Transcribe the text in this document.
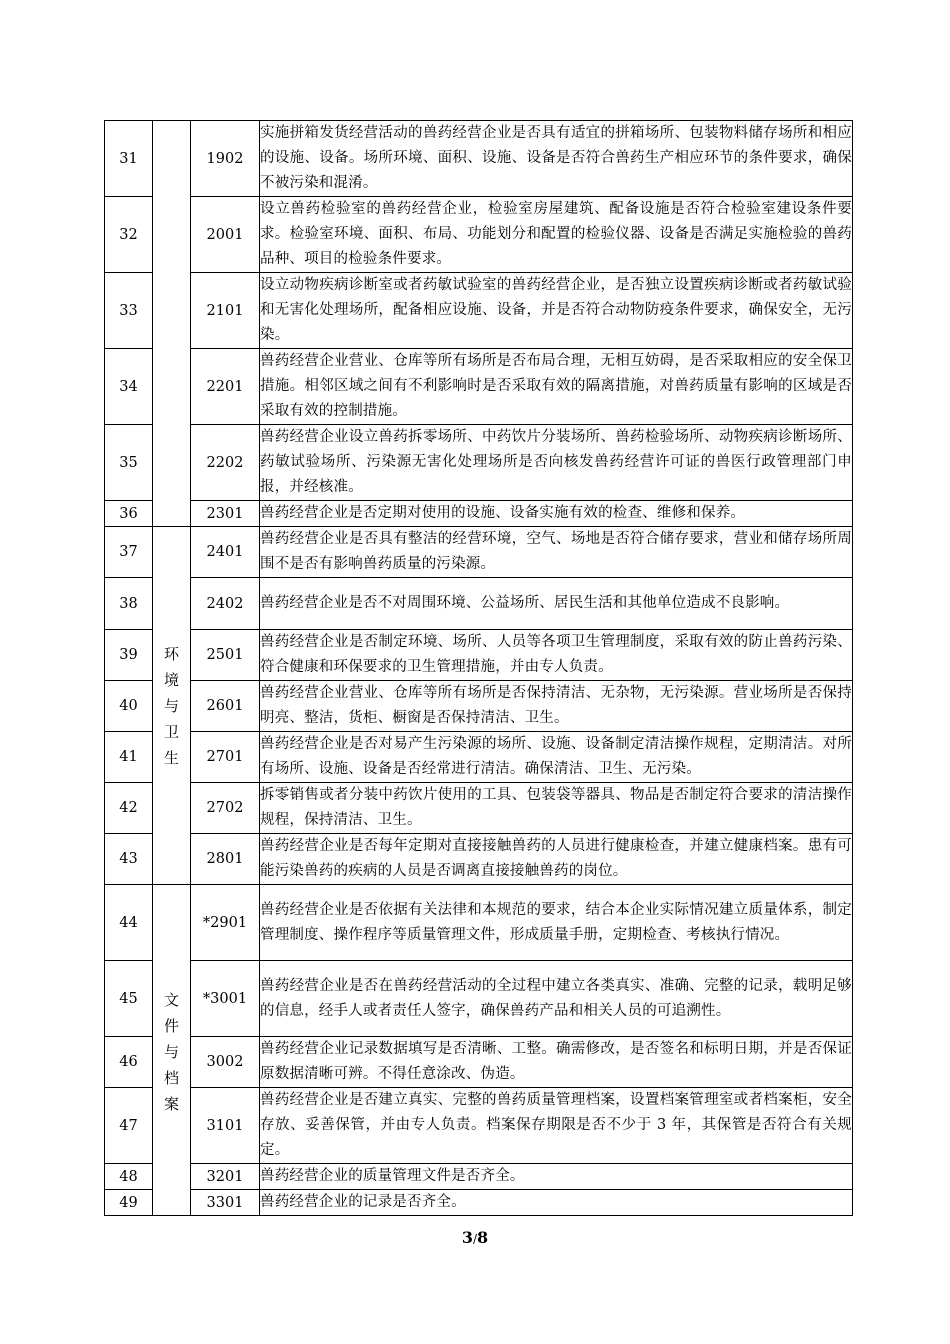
31		1902	实施拼箱发货经营活动的兽药经营企业是否具有适宜的拼箱场所、包装物料储存场所和相应的设施、设备。场所环境、面积、设施、设备是否符合兽药生产相应环节的条件要求，确保不被污染和混淆。
32		2001	设立兽药检验室的兽药经营企业，检验室房屋建筑、配备设施是否符合检验室建设条件要求。检验室环境、面积、布局、功能划分和配置的检验仪器、设备是否满足实施检验的兽药品种、项目的检验条件要求。
33		2101	设立动物疾病诊断室或者药敏试验室的兽药经营企业，是否独立设置疾病诊断或者药敏试验和无害化处理场所，配备相应设施、设备，并是否符合动物防疫条件要求，确保安全，无污染。
34		2201	兽药经营企业营业、仓库等所有场所是否布局合理，无相互妨碍，是否采取相应的安全保卫措施。相邻区域之间有不利影响时是否采取有效的隔离措施，对兽药质量有影响的区域是否采取有效的控制措施。
35		2202	兽药经营企业设立兽药拆零场所、中药饮片分装场所、兽药检验场所、动物疾病诊断场所、药敏试验场所、污染源无害化处理场所是否向核发兽药经营许可证的兽医行政管理部门申报，并经核准。
36		2301	兽药经营企业是否定期对使用的设施、设备实施有效的检查、维修和保养。
37	环境与卫生	2401	兽药经营企业是否具有整洁的经营环境，空气、场地是否符合储存要求，营业和储存场所周围不是否有影响兽药质量的污染源。
38		2402	兽药经营企业是否不对周围环境、公益场所、居民生活和其他单位造成不良影响。
39		2501	兽药经营企业是否制定环境、场所、人员等各项卫生管理制度，采取有效的防止兽药污染、符合健康和环保要求的卫生管理措施，并由专人负责。
40		2601	兽药经营企业营业、仓库等所有场所是否保持清洁、无杂物，无污染源。营业场所是否保持明亮、整洁，货柜、橱窗是否保持清洁、卫生。
41		2701	兽药经营企业是否对易产生污染源的场所、设施、设备制定清洁操作规程，定期清洁。对所有场所、设施、设备是否经常进行清洁。确保清洁、卫生、无污染。
42		2702	拆零销售或者分装中药饮片使用的工具、包装袋等器具、物品是否制定符合要求的清洁操作规程，保持清洁、卫生。
43		2801	兽药经营企业是否每年定期对直接接触兽药的人员进行健康检查，并建立健康档案。患有可能污染兽药的疾病的人员是否调离直接接触兽药的岗位。
44	文件与档案	*2901	兽药经营企业是否依据有关法律和本规范的要求，结合本企业实际情况建立质量体系，制定管理制度、操作程序等质量管理文件，形成质量手册，定期检查、考核执行情况。
45		*3001	兽药经营企业是否在兽药经营活动的全过程中建立各类真实、准确、完整的记录，载明足够的信息，经手人或者责任人签字，确保兽药产品和相关人员的可追溯性。
46		3002	兽药经营企业记录数据填写是否清晰、工整。确需修改，是否签名和标明日期，并是否保证原数据清晰可辨。不得任意涂改、伪造。
47		3101	兽药经营企业是否建立真实、完整的兽药质量管理档案，设置档案管理室或者档案柜，安全存放、妥善保管，并由专人负责。档案保存期限是否不少于 3 年，其保管是否符合有关规定。
48		3201	兽药经营企业的质量管理文件是否齐全。
49		3301	兽药经营企业的记录是否齐全。
3/8
